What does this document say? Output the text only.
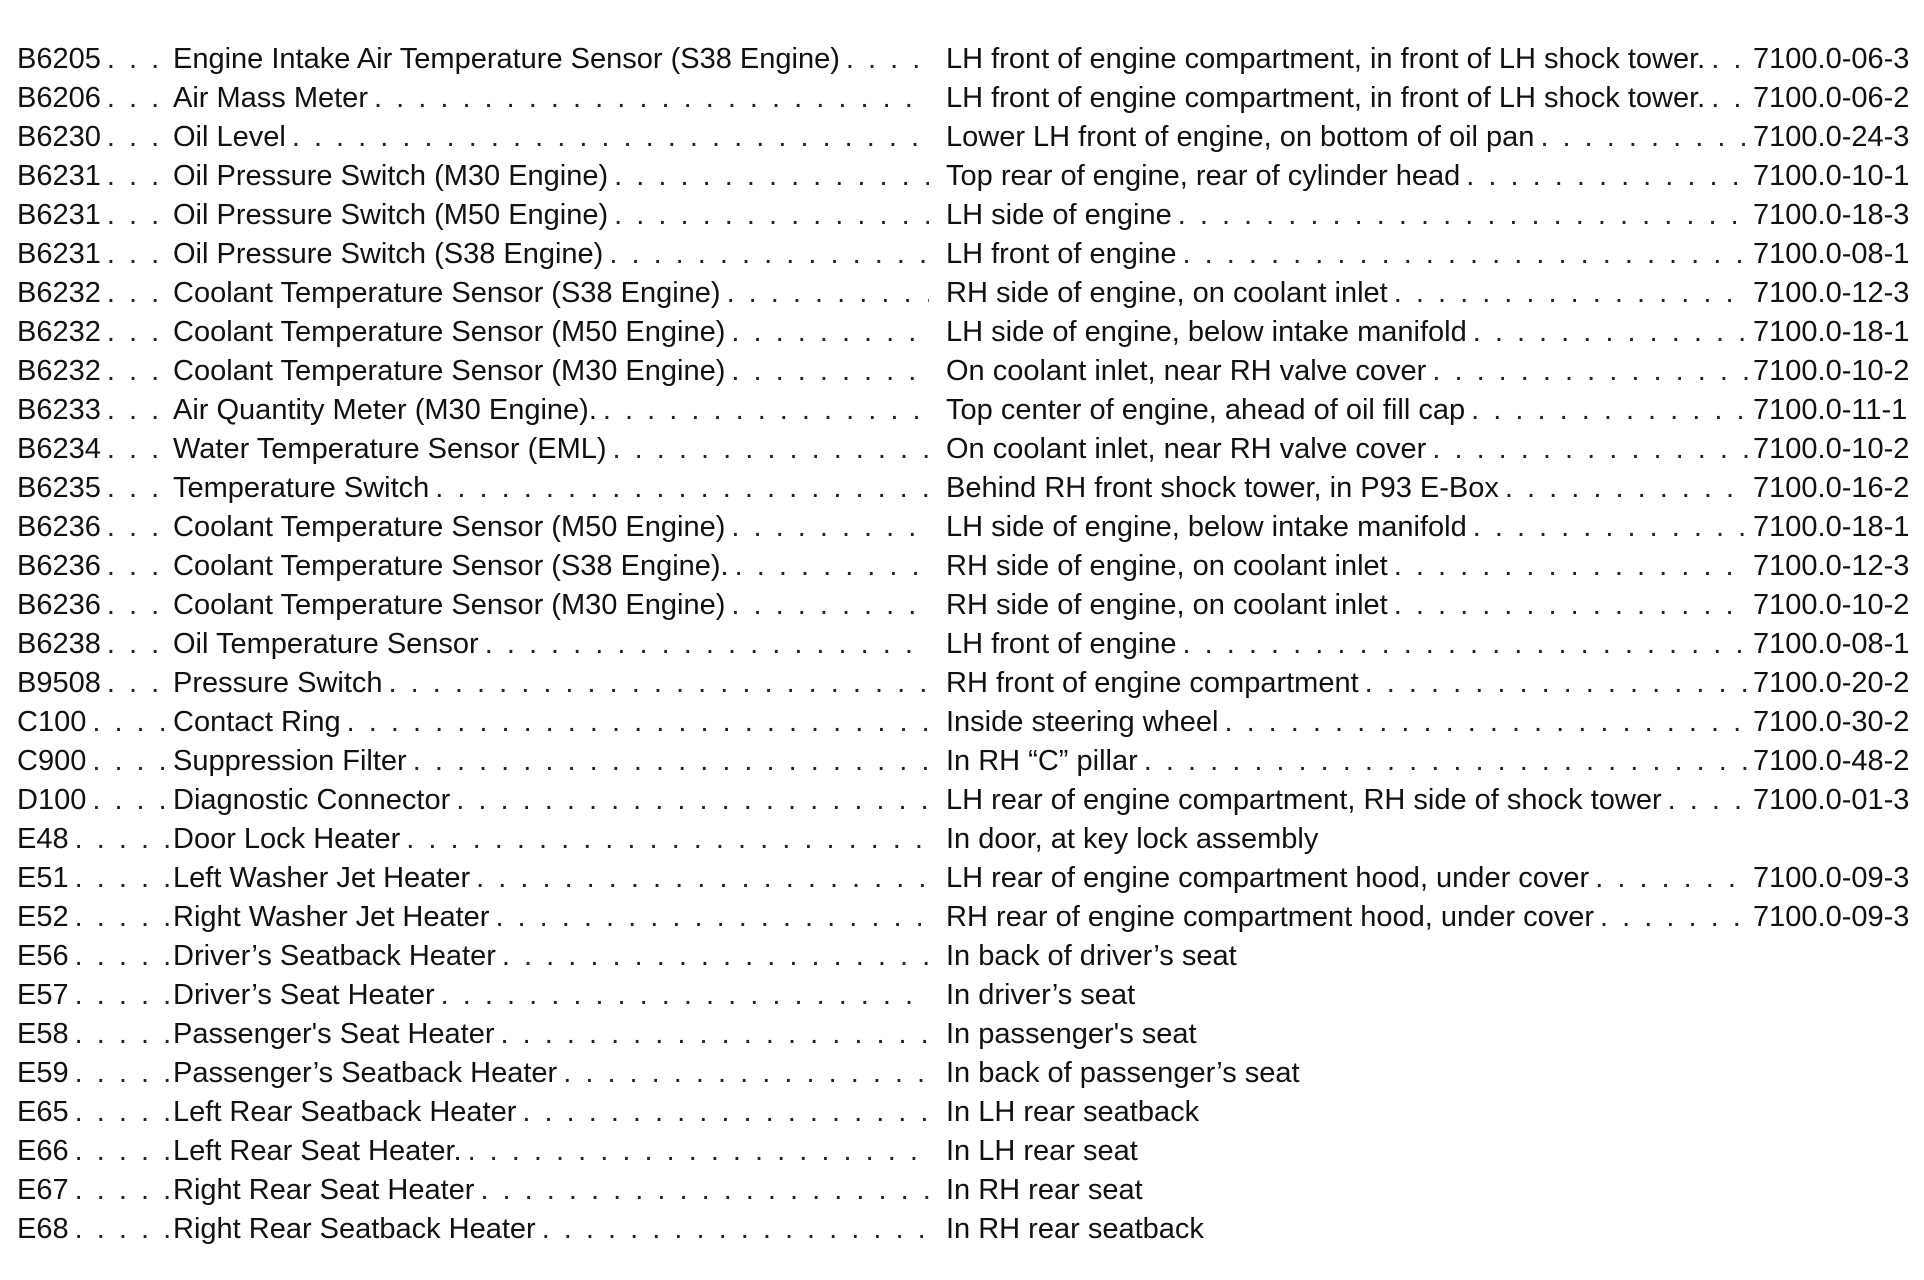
B6205 . . . Engine Intake Air Temperature Sensor (S38 Engine) . . .	LH front of engine compartment, in front of LH shock tower. . . . 7100.0-06-3
B6206 . . . Air Mass Meter . . .	LH front of engine compartment, in front of LH shock tower. . . . 7100.0-06-2
B6230 . . . Oil Level . . .	Lower LH front of engine, on bottom of oil pan . . .	7100.0-24-3
B6231 . . . Oil Pressure Switch (M30 Engine) . . .	Top rear of engine, rear of cylinder head . . .	7100.0-10-1
B6231 . . . Oil Pressure Switch (M50 Engine) . . .	LH side of engine . . .	7100.0-18-3
B6231 . . . Oil Pressure Switch (S38 Engine) . . .	LH front of engine . . .	7100.0-08-1
B6232 . . . Coolant Temperature Sensor (S38 Engine) . . .	RH side of engine, on coolant inlet . . .	7100.0-12-3
B6232 . . . Coolant Temperature Sensor (M50 Engine) . . .	LH side of engine, below intake manifold . . .	7100.0-18-1
B6232 . . . Coolant Temperature Sensor (M30 Engine) . . .	On coolant inlet, near RH valve cover . . .	7100.0-10-2
B6233 . . . Air Quantity Meter (M30 Engine). . . .	Top center of engine, ahead of oil fill cap . . .	7100.0-11-1
B6234 . . . Water Temperature Sensor (EML) . . .	On coolant inlet, near RH valve cover . . .	7100.0-10-2
B6235 . . . Temperature Switch . . .	Behind RH front shock tower, in P93 E-Box . . .	7100.0-16-2
B6236 . . . Coolant Temperature Sensor (M50 Engine) . . .	LH side of engine, below intake manifold . . .	7100.0-18-1
B6236 . . . Coolant Temperature Sensor (S38 Engine). . . .	RH side of engine, on coolant inlet . . .	7100.0-12-3
B6236 . . . Coolant Temperature Sensor (M30 Engine) . . .	RH side of engine, on coolant inlet . . .	7100.0-10-2
B6238 . . . Oil Temperature Sensor . . .	LH front of engine . . .	7100.0-08-1
B9508 . . . Pressure Switch . . .	RH front of engine compartment . . .	7100.0-20-2
C100 . . .	Contact Ring . . .	Inside steering wheel . . .	7100.0-30-2
C900 . . .	Suppression Filter . . .	In RH “C” pillar . . .	7100.0-48-2
D100 . . .	Diagnostic Connector . . .	LH rear of engine compartment, RH side of shock tower . . .	7100.0-01-3
E48 . . .	Door Lock Heater . . .	In door, at key lock assembly
E51 . . .	Left Washer Jet Heater . . .	LH rear of engine compartment hood, under cover . . .	7100.0-09-3
E52 . . .	Right Washer Jet Heater . . .	RH rear of engine compartment hood, under cover . . .	7100.0-09-3
E56 . . .	Driver’s Seatback Heater . . .	In back of driver’s seat
E57 . . .	Driver’s Seat Heater . . .	In driver’s seat
E58 . . .	Passenger's Seat Heater . . .	In passenger's seat
E59 . . .	Passenger’s Seatback Heater . . .	In back of passenger’s seat
E65 . . .	Left Rear Seatback Heater . . .	In LH rear seatback
E66 . . .	Left Rear Seat Heater. . . .	In LH rear seat
E67 . . .	Right Rear Seat Heater . . .	In RH rear seat
E68 . . .	Right Rear Seatback Heater . . .	In RH rear seatback
